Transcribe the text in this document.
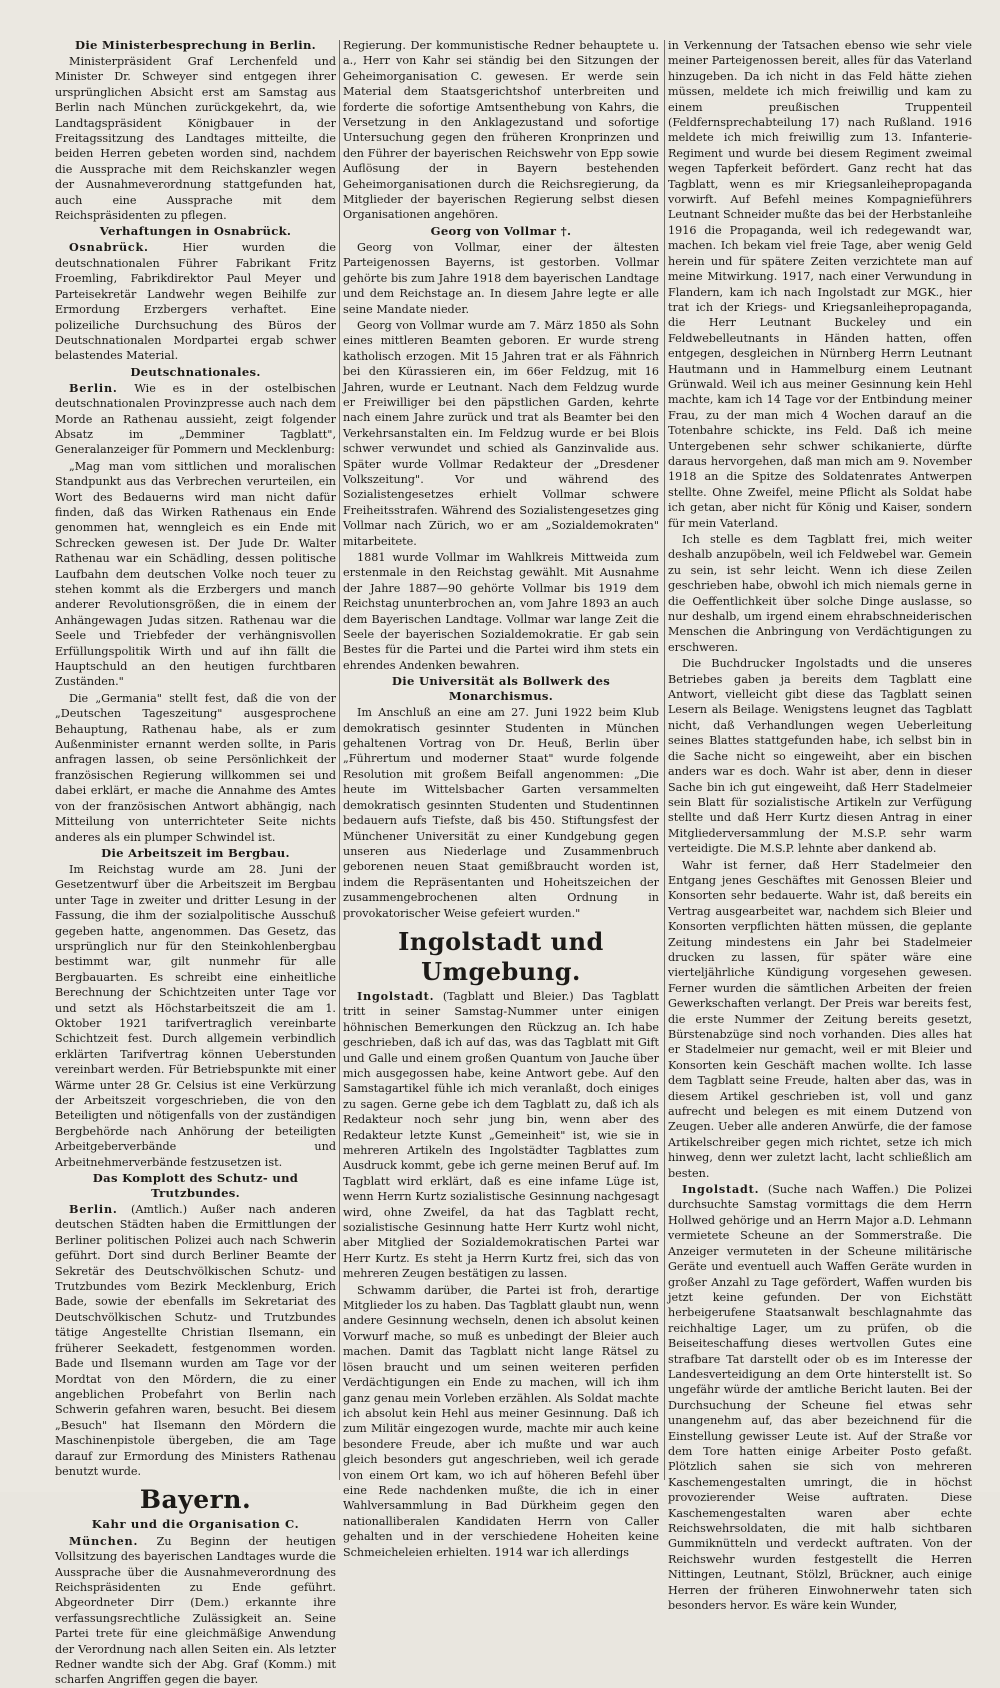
Die Ministerbesprechung in Berlin.

Ministerpräsident Graf Lerchenfeld und Minister Dr. Schweyer sind entgegen ihrer ursprünglichen Absicht erst am Samstag aus Berlin nach München zurückgekehrt, da, wie Landtagspräsident Königbauer in der Freitagssitzung des Landtages mitteilte, die beiden Herren gebeten worden sind, nachdem die Aussprache mit dem Reichskanzler wegen der Ausnahmeverordnung stattgefunden hat, auch eine Aussprache mit dem Reichspräsidenten zu pflegen.

Verhaftungen in Osnabrück.

Osnabrück.	Hier wurden die deutschnationalen Führer Fabrikant Fritz Froemling, Fabrikdirektor Paul Meyer und Parteisekretär Landwehr wegen Beihilfe zur Ermordung Erzbergers verhaftet. Eine polizeiliche Durchsuchung des Büros der Deutschnationalen Mordpartei ergab schwer belastendes Material.

Deutschnationales.

Berlin. Wie es in der ostelbischen deutschnationalen Provinzpresse auch nach dem Morde an Rathenau aussieht, zeigt folgender Absatz im „Demminer Tagblatt", Generalanzeiger für Pommern und Mecklenburg:

„Mag man vom sittlichen und moralischen Standpunkt aus das Verbrechen verurteilen, ein Wort des Bedauerns wird man nicht dafür finden, daß das Wirken Rathenaus ein Ende genommen hat, wenngleich es ein Ende mit Schrecken gewesen ist. Der Jude Dr. Walter Rathenau war ein Schädling, dessen politische Laufbahn dem deutschen Volke noch teuer zu stehen kommt als die Erzbergers und manch anderer Revolutionsgrößen, die in einem der Anhängewagen Judas sitzen. Rathenau war die Seele und Triebfeder der verhängnisvollen Erfüllungspolitik Wirth und auf ihn fällt die Hauptschuld an den heutigen furchtbaren Zuständen."

Die „Germania" stellt fest, daß die von der „Deutschen Tageszeitung" ausgesprochene Behauptung, Rathenau habe, als er zum Außenminister ernannt werden sollte, in Paris anfragen lassen, ob seine Persönlichkeit der französischen Regierung willkommen sei und dabei erklärt, er mache die Annahme des Amtes von der französischen Antwort abhängig, nach Mitteilung von unterrichteter Seite nichts anderes als ein plumper Schwindel ist.

Die Arbeitszeit im Bergbau.

Im Reichstag wurde am 28. Juni der Gesetzentwurf über die Arbeitszeit im Bergbau unter Tage in zweiter und dritter Lesung in der Fassung, die ihm der sozialpolitische Ausschuß gegeben hatte, angenommen. Das Gesetz, das ursprünglich nur für den Steinkohlenbergbau bestimmt war, gilt nunmehr für alle Bergbauarten. Es schreibt eine einheitliche Berechnung der Schichtzeiten unter Tage vor und setzt als Höchstarbeitszeit die am 1. Oktober 1921 tarifvertraglich vereinbarte Schichtzeit fest. Durch allgemein verbindlich erklärten Tarifvertrag können Ueberstunden vereinbart werden. Für Betriebspunkte mit einer Wärme unter 28 Gr. Celsius ist eine Verkürzung der Arbeitszeit vorgeschrieben, die von den Beteiligten und nötigenfalls von der zuständigen Bergbehörde nach Anhörung der beteiligten Arbeitgeberverbände und Arbeitnehmerverbände festzusetzen ist.

Das Komplott des Schutz- und Trutzbundes.

Berlin. (Amtlich.) Außer nach anderen deutschen Städten haben die Ermittlungen der Berliner politischen Polizei auch nach Schwerin geführt. Dort sind durch Berliner Beamte der Sekretär des Deutschvölkischen Schutz- und Trutzbundes vom Bezirk Mecklenburg, Erich Bade, sowie der ebenfalls im Sekretariat des Deutschvölkischen Schutz- und Trutzbundes tätige Angestellte Christian Ilsemann, ein früherer Seekadett, festgenommen worden. Bade und Ilsemann wurden am Tage vor der Mordtat von den Mördern, die zu einer angeblichen Probefahrt von Berlin nach Schwerin gefahren waren, besucht. Bei diesem „Besuch" hat Ilsemann den Mördern die Maschinenpistole übergeben, die am Tage darauf zur Ermordung des Ministers Rathenau benutzt wurde.

Bayern.
Kahr und die Organisation C.

München. Zu Beginn der heutigen Vollsitzung des bayerischen Landtages wurde die Aussprache über die Ausnahmeverordnung des Reichspräsidenten zu Ende geführt. Abgeordneter Dirr (Dem.) erkannte ihre verfassungsrechtliche Zulässigkeit an. Seine Partei trete für eine gleichmäßige Anwendung der Verordnung nach allen Seiten ein. Als letzter Redner wandte sich der Abg. Graf (Komm.) mit scharfen Angriffen gegen die bayer.

Regierung. Der kommunistische Redner behauptete u. a., Herr von Kahr sei ständig bei den Sitzungen der Geheimorganisation C. gewesen. Er werde sein Material dem Staatsgerichtshof unterbreiten und forderte die sofortige Amtsenthebung von Kahrs, die Versetzung in den Anklagezustand und sofortige Untersuchung gegen den früheren Kronprinzen und den Führer der bayerischen Reichswehr von Epp sowie Auflösung der in Bayern bestehenden Geheimorganisationen durch die Reichsregierung, da Mitglieder der bayerischen Regierung selbst diesen Organisationen angehören.

Georg von Vollmar †.

Georg von Vollmar, einer der ältesten Parteigenossen Bayerns, ist gestorben. Vollmar gehörte bis zum Jahre 1918 dem bayerischen Landtage und dem Reichstage an. In diesem Jahre legte er alle seine Mandate nieder.

Georg von Vollmar wurde am 7. März 1850 als Sohn eines mittleren Beamten geboren. Er wurde streng katholisch erzogen. Mit 15 Jahren trat er als Fähnrich bei den Kürassieren ein, im 66er Feldzug, mit 16 Jahren, wurde er Leutnant. Nach dem Feldzug wurde er Freiwilliger bei den päpstlichen Garden, kehrte nach einem Jahre zurück und trat als Beamter bei den Verkehrsanstalten ein. Im Feldzug wurde er bei Blois schwer verwundet und schied als Ganzinvalide aus. Später wurde Vollmar Redakteur der „Dresdener Volkszeitung". Vor und während des Sozialistengesetzes erhielt Vollmar schwere Freiheitsstrafen. Während des Sozialistengesetzes ging Vollmar nach Zürich, wo er am „Sozialdemokraten" mitarbeitete.

1881 wurde Vollmar im Wahlkreis Mittweida zum erstenmale in den Reichstag gewählt. Mit Ausnahme der Jahre 1887—90 gehörte Vollmar bis 1919 dem Reichstag ununterbrochen an, vom Jahre 1893 an auch dem Bayerischen Landtage. Vollmar war lange Zeit die Seele der bayerischen Sozialdemokratie. Er gab sein Bestes für die Partei und die Partei wird ihm stets ein ehrendes Andenken bewahren.

Die Universität als Bollwerk des Monarchismus.

Im Anschluß an eine am 27. Juni 1922 beim Klub demokratisch gesinnter Studenten in München gehaltenen Vortrag von Dr. Heuß, Berlin über „Führertum und moderner Staat" wurde folgende Resolution mit großem Beifall angenommen: „Die heute im Wittelsbacher Garten versammelten demokratisch gesinnten Studenten und Studentinnen bedauern aufs Tiefste, daß bis 450. Stiftungsfest der Münchener Universität zu einer Kundgebung gegen unseren aus Niederlage und Zusammenbruch geborenen neuen Staat gemißbraucht worden ist, indem die Repräsentanten und Hoheitszeichen der zusammengebrochenen alten Ordnung in provokatorischer Weise gefeiert wurden."

Ingolstadt und Umgebung.

Ingolstadt. (Tagblatt und Bleier.) Das Tagblatt tritt in seiner Samstag-Nummer unter einigen höhnischen Bemerkungen den Rückzug an. Ich habe geschrieben, daß ich auf das, was das Tagblatt mit Gift und Galle und einem großen Quantum von Jauche über mich ausgegossen habe, keine Antwort gebe. Auf den Samstagartikel fühle ich mich veranlaßt, doch einiges zu sagen. Gerne gebe ich dem Tagblatt zu, daß ich als Redakteur noch sehr jung bin, wenn aber des Redakteur letzte Kunst „Gemeinheit" ist, wie sie in mehreren Artikeln des Ingolstädter Tagblattes zum Ausdruck kommt, gebe ich gerne meinen Beruf auf. Im Tagblatt wird erklärt, daß es eine infame Lüge ist, wenn Herrn Kurtz sozialistische Gesinnung nachgesagt wird, ohne Zweifel, da hat das Tagblatt recht, sozialistische Gesinnung hatte Herr Kurtz wohl nicht, aber Mitglied der Sozialdemokratischen Partei war Herr Kurtz. Es steht ja Herrn Kurtz frei, sich das von mehreren Zeugen bestätigen zu lassen.

Schwamm darüber, die Partei ist froh, derartige Mitglieder los zu haben. Das Tagblatt glaubt nun, wenn andere Gesinnung wechseln, denen ich absolut keinen Vorwurf mache, so muß es unbedingt der Bleier auch machen. Damit das Tagblatt nicht lange Rätsel zu lösen braucht und um seinen weiteren perfiden Verdächtigungen ein Ende zu machen, will ich ihm ganz genau mein Vorleben erzählen. Als Soldat machte ich absolut kein Hehl aus meiner Gesinnung. Daß ich zum Militär eingezogen wurde, machte mir auch keine besondere Freude, aber ich mußte und war auch gleich besonders gut angeschrieben, weil ich gerade von einem Ort kam, wo ich auf höheren Befehl über eine Rede nachdenken mußte, die ich in einer Wahlversammlung in Bad Dürkheim gegen den nationalliberalen Kandidaten Herrn von Caller gehalten und in der verschiedene Hoheiten keine Schmeicheleien erhielten. 1914 war ich allerdings

in Verkennung der Tatsachen ebenso wie sehr viele meiner Parteigenossen bereit, alles für das Vaterland hinzugeben. Da ich nicht in das Feld hätte ziehen müssen, meldete ich mich freiwillig und kam zu einem preußischen Truppenteil (Feldfernsprechabteilung 17) nach Rußland. 1916 meldete ich mich freiwillig zum 13. Infanterie-Regiment und wurde bei diesem Regiment zweimal wegen Tapferkeit befördert. Ganz recht hat das Tagblatt, wenn es mir Kriegsanleihepropaganda vorwirft. Auf Befehl meines Kompagnieführers Leutnant Schneider mußte das bei der Herbstanleihe 1916 die Propaganda, weil ich redegewandt war, machen. Ich bekam viel freie Tage, aber wenig Geld herein und für spätere Zeiten verzichtete man auf meine Mitwirkung. 1917, nach einer Verwundung in Flandern, kam ich nach Ingolstadt zur MGK., hier trat ich der Kriegs- und Kriegsanleihepropaganda, die Herr Leutnant Buckeley und ein Feldwebelleutnants in Händen hatten, offen entgegen, desgleichen in Nürnberg Herrn Leutnant Hautmann und in Hammelburg einem Leutnant Grünwald. Weil ich aus meiner Gesinnung kein Hehl machte, kam ich 14 Tage vor der Entbindung meiner Frau, zu der man mich 4 Wochen darauf an die Totenbahre schickte, ins Feld. Daß ich meine Untergebenen sehr schwer schikanierte, dürfte daraus hervorgehen, daß man mich am 9. November 1918 an die Spitze des Soldatenrates Antwerpen stellte. Ohne Zweifel, meine Pflicht als Soldat habe ich getan, aber nicht für König und Kaiser, sondern für mein Vaterland.

Ich stelle es dem Tagblatt frei, mich weiter deshalb anzupöbeln, weil ich Feldwebel war. Gemein zu sein, ist sehr leicht. Wenn ich diese Zeilen geschrieben habe, obwohl ich mich niemals gerne in die Oeffentlichkeit über solche Dinge auslasse, so nur deshalb, um irgend einem ehrabschneiderischen Menschen die Anbringung von Verdächtigungen zu erschweren.

Die Buchdrucker Ingolstadts und die unseres Betriebes gaben ja bereits dem Tagblatt eine Antwort, vielleicht gibt diese das Tagblatt seinen Lesern als Beilage. Wenigstens leugnet das Tagblatt nicht, daß Verhandlungen wegen Ueberleitung seines Blattes stattgefunden habe, ich selbst bin in die Sache nicht so eingeweiht, aber ein bischen anders war es doch. Wahr ist aber, denn in dieser Sache bin ich gut eingeweiht, daß Herr Stadelmeier sein Blatt für sozialistische Artikeln zur Verfügung stellte und daß Herr Kurtz diesen Antrag in einer Mitgliederversammlung der M.S.P. sehr warm verteidigte. Die M.S.P. lehnte aber dankend ab.

Wahr ist ferner, daß Herr Stadelmeier den Entgang jenes Geschäftes mit Genossen Bleier und Konsorten sehr bedauerte. Wahr ist, daß bereits ein Vertrag ausgearbeitet war, nachdem sich Bleier und Konsorten verpflichten hätten müssen, die geplante Zeitung mindestens ein Jahr bei Stadelmeier drucken zu lassen, für später wäre eine vierteljährliche Kündigung vorgesehen gewesen. Ferner wurden die sämtlichen Arbeiten der freien Gewerkschaften verlangt. Der Preis war bereits fest, die erste Nummer der Zeitung bereits gesetzt, Bürstenabzüge sind noch vorhanden. Dies alles hat er Stadelmeier nur gemacht, weil er mit Bleier und Konsorten kein Geschäft machen wollte. Ich lasse dem Tagblatt seine Freude, halten aber das, was in diesem Artikel geschrieben ist, voll und ganz aufrecht und belegen es mit einem Dutzend von Zeugen. Ueber alle anderen Anwürfe, die der famose Artikelschreiber gegen mich richtet, setze ich mich hinweg, denn wer zuletzt lacht, lacht schließlich am besten.

Ingolstadt. (Suche nach Waffen.) Die Polizei durchsuchte Samstag vormittags die dem Herrn Hollwed gehörige und an Herrn Major a.D. Lehmann vermietete Scheune an der Sommerstraße. Die Anzeiger vermuteten in der Scheune militärische Geräte und eventuell auch Waffen Geräte wurden in großer Anzahl zu Tage gefördert, Waffen wurden bis jetzt keine gefunden. Der von Eichstätt herbeigerufene Staatsanwalt beschlagnahmte das reichhaltige Lager, um zu prüfen, ob die Beiseiteschaffung dieses wertvollen Gutes eine strafbare Tat darstellt oder ob es im Interesse der Landesverteidigung an dem Orte hinterstellt ist. So ungefähr würde der amtliche Bericht lauten. Bei der Durchsuchung der Scheune fiel etwas sehr unangenehm auf, das aber bezeichnend für die Einstellung gewisser Leute ist. Auf der Straße vor dem Tore hatten einige Arbeiter Posto gefaßt. Plötzlich sahen sie sich von mehreren Kaschemengestalten umringt, die in höchst provozierender Weise auftraten. Diese Kaschemengestalten waren aber echte Reichswehrsoldaten, die mit halb sichtbaren Gummiknütteln und verdeckt auftraten. Von der Reichswehr wurden festgestellt die Herren Nittingen, Leutnant, Stölzl, Brückner, auch einige Herren der früheren Einwohnerwehr taten sich besonders hervor. Es wäre kein Wunder,
